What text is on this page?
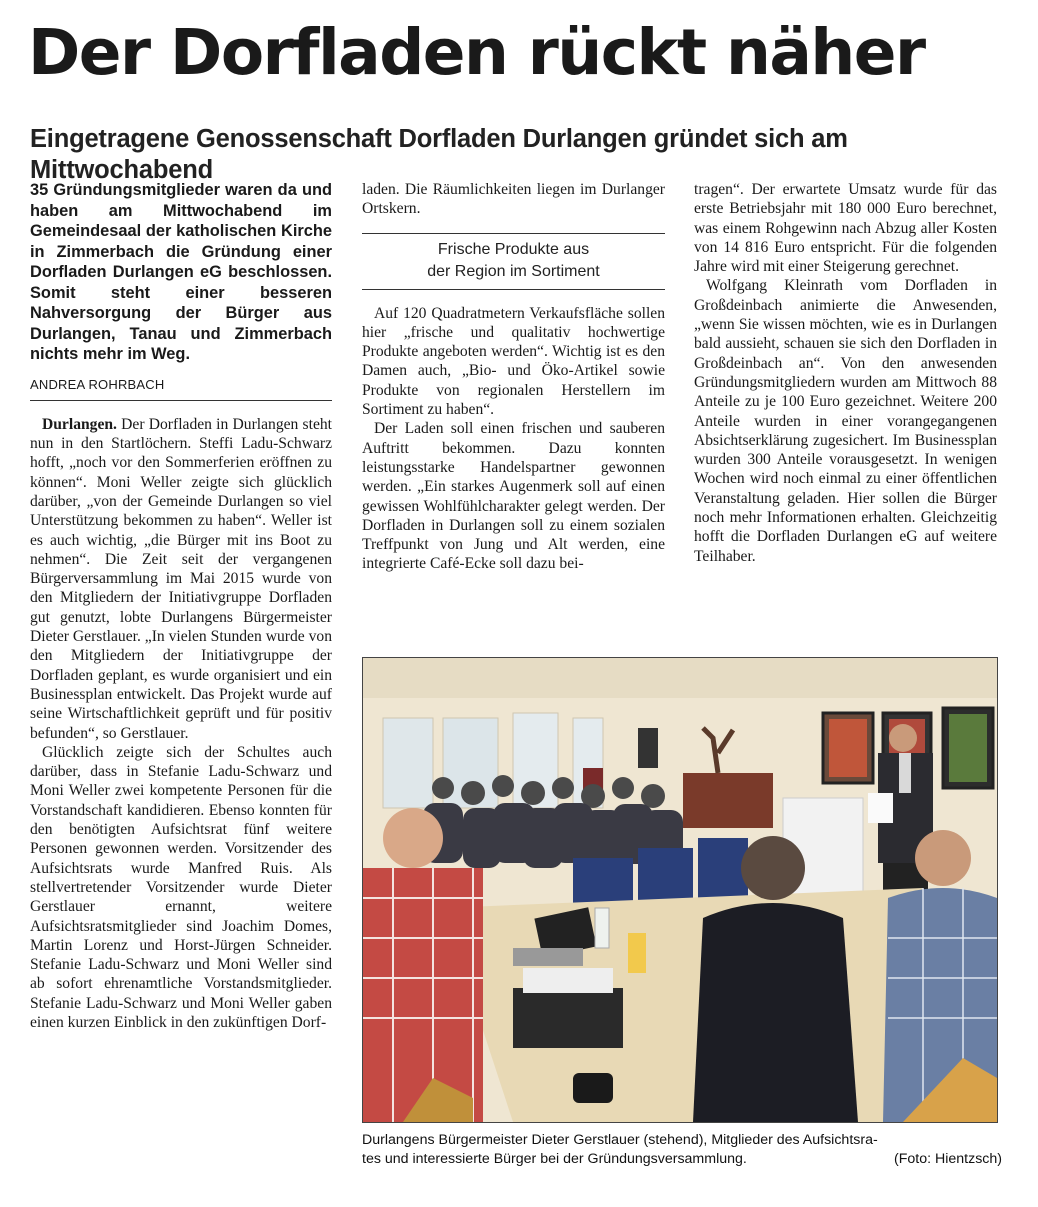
Der Dorfladen rückt näher
Eingetragene Genossenschaft Dorfladen Durlangen gründet sich am Mittwochabend
35 Gründungsmitglieder waren da und haben am Mittwochabend im Gemeindesaal der katholischen Kirche in Zimmerbach die Gründung einer Dorfladen Durlangen eG beschlossen. Somit steht einer besseren Nahversorgung der Bürger aus Durlangen, Tanau und Zimmerbach nichts mehr im Weg.
ANDREA ROHRBACH

Durlangen. Der Dorfladen in Durlangen steht nun in den Startlöchern. Steffi Ladu-Schwarz hofft, „noch vor den Sommerferien eröffnen zu können“. Moni Weller zeigte sich glücklich darüber, „von der Gemeinde Durlangen so viel Unterstützung bekommen zu haben“. Weller ist es auch wichtig, „die Bürger mit ins Boot zu nehmen“. Die Zeit seit der vergangenen Bürgerversammlung im Mai 2015 wurde von den Mitgliedern der Initiativgruppe Dorfladen gut genutzt, lobte Durlangens Bürgermeister Dieter Gerstlauer. „In vielen Stunden wurde von den Mitgliedern der Initiativgruppe der Dorfladen geplant, es wurde organisiert und ein Businessplan entwickelt. Das Projekt wurde auf seine Wirtschaftlichkeit geprüft und für positiv befunden“, so Gerstlauer.

Glücklich zeigte sich der Schultes auch darüber, dass in Stefanie Ladu-Schwarz und Moni Weller zwei kompetente Personen für die Vorstandschaft kandidieren. Ebenso konnten für den benötigten Aufsichtsrat fünf weitere Personen gewonnen werden. Vorsitzender des Aufsichtsrats wurde Manfred Ruis. Als stellvertretender Vorsitzender wurde Dieter Gerstlauer ernannt, weitere Aufsichtsratsmitglieder sind Joachim Domes, Martin Lorenz und Horst-Jürgen Schneider. Stefanie Ladu-Schwarz und Moni Weller sind ab sofort ehrenamtliche Vorstandsmitglieder. Stefanie Ladu-Schwarz und Moni Weller gaben einen kurzen Einblick in den zukünftigen Dorf-

laden. Die Räumlichkeiten liegen im Durlanger Ortskern.

Frische Produkte aus
der Region im Sortiment

Auf 120 Quadratmetern Verkaufsfläche sollen hier „frische und qualitativ hochwertige Produkte angeboten werden“. Wichtig ist es den Damen auch, „Bio- und Öko-Artikel sowie Produkte von regionalen Herstellern im Sortiment zu haben“.

Der Laden soll einen frischen und sauberen Auftritt bekommen. Dazu konnten leistungsstarke Handelspartner gewonnen werden. „Ein starkes Augenmerk soll auf einen gewissen Wohlfühlcharakter gelegt werden. Der Dorfladen in Durlangen soll zu einem sozialen Treffpunkt von Jung und Alt werden, eine integrierte Café-Ecke soll dazu bei-

tragen“. Der erwartete Umsatz wurde für das erste Betriebsjahr mit 180 000 Euro berechnet, was einem Rohgewinn nach Abzug aller Kosten von 14 816 Euro entspricht. Für die folgenden Jahre wird mit einer Steigerung gerechnet.

Wolfgang Kleinrath vom Dorfladen in Großdeinbach animierte die Anwesenden, „wenn Sie wissen möchten, wie es in Durlangen bald aussieht, schauen sie sich den Dorfladen in Großdeinbach an“. Von den anwesenden Gründungsmitgliedern wurden am Mittwoch 88 Anteile zu je 100 Euro gezeichnet. Weitere 200 Anteile wurden in einer vorangegangenen Absichtserklärung zugesichert. Im Businessplan wurden 300 Anteile vorausgesetzt. In wenigen Wochen wird noch einmal zu einer öffentlichen Veranstaltung geladen. Hier sollen die Bürger noch mehr Informationen erhalten. Gleichzeitig hofft die Dorfladen Durlangen eG auf weitere Teilhaber.

Durlangens Bürgermeister Dieter Gerstlauer (stehend), Mitglieder des Aufsichtsra-
tes und interessierte Bürger bei der Gründungsversammlung.	(Foto: Hientzsch)
